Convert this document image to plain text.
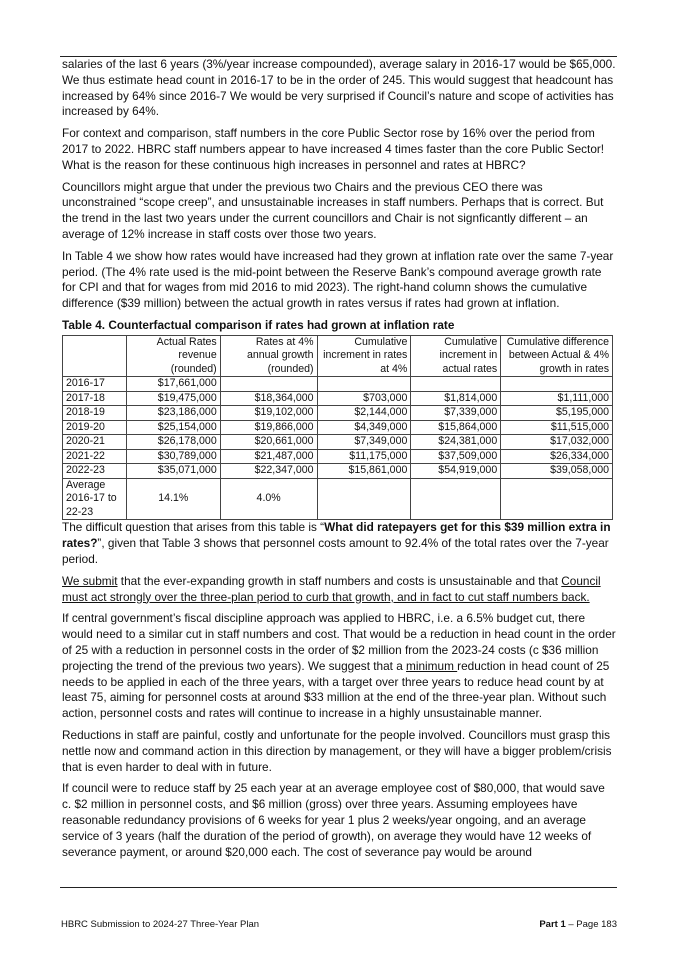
salaries of the last 6 years (3%/year increase compounded), average salary in 2016-17 would be $65,000. We thus estimate head count in 2016-17 to be in the order of 245. This would suggest that headcount has increased by 64% since 2016-7 We would be very surprised if Council’s nature and scope of activities has increased by 64%.

For context and comparison, staff numbers in the core Public Sector rose by 16% over the period from 2017 to 2022. HBRC staff numbers appear to have increased 4 times faster than the core Public Sector! What is the reason for these continuous high increases in personnel and rates at HBRC?

Councillors might argue that under the previous two Chairs and the previous CEO there was unconstrained “scope creep”, and unsustainable increases in staff numbers. Perhaps that is correct. But the trend in the last two years under the current councillors and Chair is not signficantly different – an average of 12% increase in staff costs over those two years.

In Table 4 we show how rates would have increased had they grown at inflation rate over the same 7-year period. (The 4% rate used is the mid-point between the Reserve Bank’s compound average growth rate for CPI and that for wages from mid 2016 to mid 2023). The right-hand column shows the cumulative difference ($39 million) between the actual growth in rates versus if rates had grown at inflation.

Table 4. Counterfactual comparison if rates had grown at inflation rate
	Actual Rates revenue (rounded)	Rates at 4% annual growth (rounded)	Cumulative increment in rates at 4%	Cumulative increment in actual rates	Cumulative difference between Actual & 4% growth in rates
2016-17	$17,661,000				
2017-18	$19,475,000	$18,364,000	$703,000	$1,814,000	$1,111,000
2018-19	$23,186,000	$19,102,000	$2,144,000	$7,339,000	$5,195,000
2019-20	$25,154,000	$19,866,000	$4,349,000	$15,864,000	$11,515,000
2020-21	$26,178,000	$20,661,000	$7,349,000	$24,381,000	$17,032,000
2021-22	$30,789,000	$21,487,000	$11,175,000	$37,509,000	$26,334,000
2022-23	$35,071,000	$22,347,000	$15,861,000	$54,919,000	$39,058,000
Average 2016-17 to 22-23	14.1%	4.0%			

The difficult question that arises from this table is “What did ratepayers get for this $39 million extra in rates?”, given that Table 3 shows that personnel costs amount to 92.4% of the total rates over the 7-year period.

We submit that the ever-expanding growth in staff numbers and costs is unsustainable and that Council must act strongly over the three-plan period to curb that growth, and in fact to cut staff numbers back.

If central government’s fiscal discipline approach was applied to HBRC, i.e. a 6.5% budget cut, there would need to a similar cut in staff numbers and cost. That would be a reduction in head count in the order of 25 with a reduction in personnel costs in the order of $2 million from the 2023-24 costs (c $36 million projecting the trend of the previous two years). We suggest that a minimum reduction in head count of 25 needs to be applied in each of the three years, with a target over three years to reduce head count by at least 75, aiming for personnel costs at around $33 million at the end of the three-year plan. Without such action, personnel costs and rates will continue to increase in a highly unsustainable manner.

Reductions in staff are painful, costly and unfortunate for the people involved. Councillors must grasp this nettle now and command action in this direction by management, or they will have a bigger problem/crisis that is even harder to deal with in future.

If council were to reduce staff by 25 each year at an average employee cost of $80,000, that would save c. $2 million in personnel costs, and $6 million (gross) over three years. Assuming employees have reasonable redundancy provisions of 6 weeks for year 1 plus 2 weeks/year ongoing, and an average service of 3 years (half the duration of the period of growth), on average they would have 12 weeks of severance payment, or around $20,000 each. The cost of severance pay would be around

HBRC Submission to 2024-27 Three-Year Plan	Part 1 – Page 183
